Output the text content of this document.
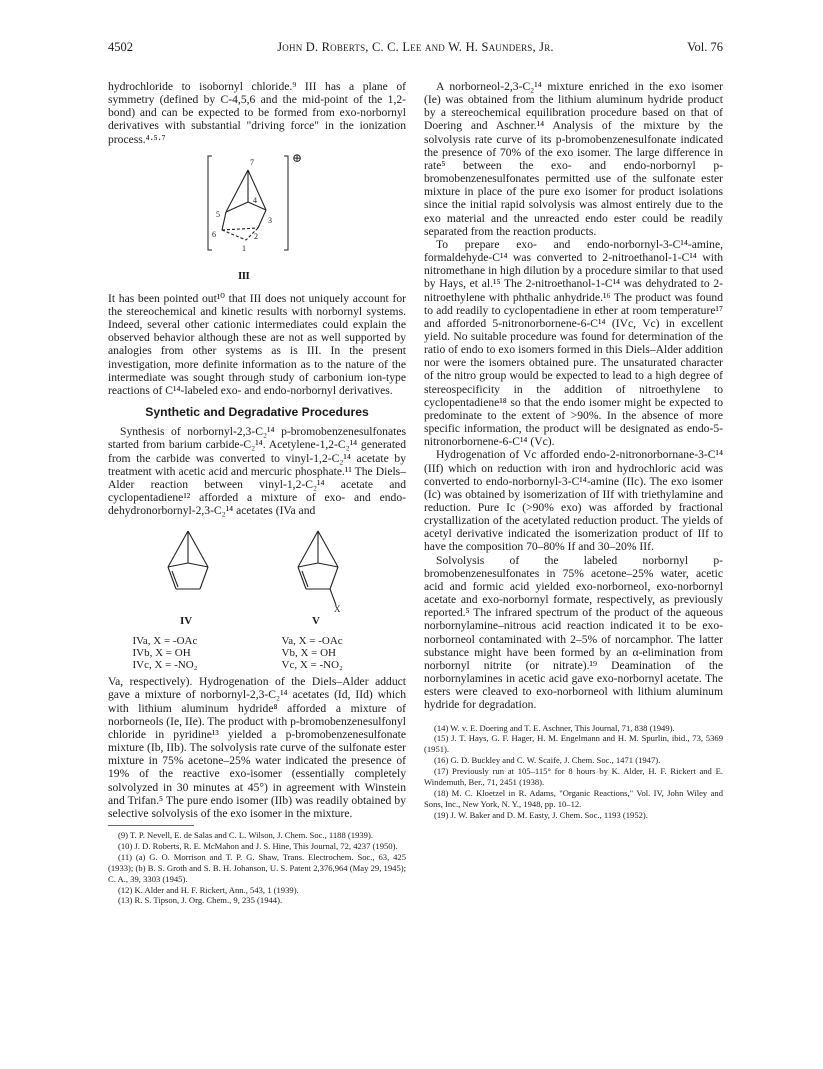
4502	John D. Roberts, C. C. Lee and W. H. Saunders, Jr.	Vol. 76

hydrochloride to isobornyl chloride.⁹ III has a plane of symmetry (defined by C-4,5,6 and the mid-point of the 1,2-bond) and can be expected to be formed from exo-norbornyl derivatives with substantial "driving force" in the ionization process.⁴·⁵·⁷

7
4
5
3
6	2
1
⊕
III

It has been pointed out¹⁰ that III does not uniquely account for the stereochemical and kinetic results with norbornyl systems. Indeed, several other cationic intermediates could explain the observed behavior although these are not as well supported by analogies from other systems as is III. In the present investigation, more definite information as to the nature of the intermediate was sought through study of carbonium ion-type reactions of C¹⁴-labeled exo- and endo-norbornyl derivatives.

Synthetic and Degradative Procedures

Synthesis of norbornyl-2,3-C₂¹⁴ p-bromobenzenesulfonates started from barium carbide-C₂¹⁴. Acetylene-1,2-C₂¹⁴ generated from the carbide was converted to vinyl-1,2-C₂¹⁴ acetate by treatment with acetic acid and mercuric phosphate.¹¹ The Diels–Alder reaction between vinyl-1,2-C₂¹⁴ acetate and cyclopentadiene¹² afforded a mixture of exo- and endo-dehydronorbornyl-2,3-C₂¹⁴ acetates (IVa and

X
IV	V
IVa, X = -OAc
IVb, X = OH
IVc, X = -NO₂
Va, X = -OAc
Vb, X = OH
Vc, X = -NO₂

Va, respectively). Hydrogenation of the Diels–Alder adduct gave a mixture of norbornyl-2,3-C₂¹⁴ acetates (Id, IId) which with lithium aluminum hydride⁸ afforded a mixture of norborneols (Ie, IIe). The product with p-bromobenzenesulfonyl chloride in pyridine¹³ yielded a p-bromobenzenesulfonate mixture (Ib, IIb). The solvolysis rate curve of the sulfonate ester mixture in 75% acetone–25% water indicated the presence of 19% of the reactive exo-isomer (essentially completely solvolyzed in 30 minutes at 45°) in agreement with Winstein and Trifan.⁵ The pure endo isomer (IIb) was readily obtained by selective solvolysis of the exo isomer in the mixture.

(9) T. P. Nevell, E. de Salas and C. L. Wilson, J. Chem. Soc., 1188 (1939).
(10) J. D. Roberts, R. E. McMahon and J. S. Hine, This Journal, 72, 4237 (1950).
(11) (a) G. O. Morrison and T. P. G. Shaw, Trans. Electrochem. Soc., 63, 425 (1933); (b) B. S. Groth and S. B. H. Johanson, U. S. Patent 2,376,964 (May 29, 1945); C. A., 39, 3303 (1945).
(12) K. Alder and H. F. Rickert, Ann., 543, 1 (1939).
(13) R. S. Tipson, J. Org. Chem., 9, 235 (1944).

A norborneol-2,3-C₂¹⁴ mixture enriched in the exo isomer (Ie) was obtained from the lithium aluminum hydride product by a stereochemical equilibration procedure based on that of Doering and Aschner.¹⁴ Analysis of the mixture by the solvolysis rate curve of its p-bromobenzenesulfonate indicated the presence of 70% of the exo isomer. The large difference in rate⁵ between the exo- and endo-norbornyl p-bromobenzenesulfonates permitted use of the sulfonate ester mixture in place of the pure exo isomer for product isolations since the initial rapid solvolysis was almost entirely due to the exo material and the unreacted endo ester could be readily separated from the reaction products.

To prepare exo- and endo-norbornyl-3-C¹⁴-amine, formaldehyde-C¹⁴ was converted to 2-nitroethanol-1-C¹⁴ with nitromethane in high dilution by a procedure similar to that used by Hays, et al.¹⁵ The 2-nitroethanol-1-C¹⁴ was dehydrated to 2-nitroethylene with phthalic anhydride.¹⁶ The product was found to add readily to cyclopentadiene in ether at room temperature¹⁷ and afforded 5-nitronorbornene-6-C¹⁴ (IVc, Vc) in excellent yield. No suitable procedure was found for determination of the ratio of endo to exo isomers formed in this Diels–Alder addition nor were the isomers obtained pure. The unsaturated character of the nitro group would be expected to lead to a high degree of stereospecificity in the addition of nitroethylene to cyclopentadiene¹⁸ so that the endo isomer might be expected to predominate to the extent of >90%. In the absence of more specific information, the product will be designated as endo-5-nitronorbornene-6-C¹⁴ (Vc).

Hydrogenation of Vc afforded endo-2-nitronorbornane-3-C¹⁴ (IIf) which on reduction with iron and hydrochloric acid was converted to endo-norbornyl-3-C¹⁴-amine (IIc). The exo isomer (Ic) was obtained by isomerization of IIf with triethylamine and reduction. Pure Ic (>90% exo) was afforded by fractional crystallization of the acetylated reduction product. The yields of acetyl derivative indicated the isomerization product of IIf to have the composition 70–80% If and 30–20% IIf.

Solvolysis of the labeled norbornyl p-bromobenzenesulfonates in 75% acetone–25% water, acetic acid and formic acid yielded exo-norborneol, exo-norbornyl acetate and exo-norbornyl formate, respectively, as previously reported.⁵ The infrared spectrum of the product of the aqueous norbornylamine–nitrous acid reaction indicated it to be exo-norborneol contaminated with 2–5% of norcamphor. The latter substance might have been formed by an α-elimination from norbornyl nitrite (or nitrate).¹⁹ Deamination of the norbornylamines in acetic acid gave exo-norbornyl acetate. The esters were cleaved to exo-norborneol with lithium aluminum hydride for degradation.

(14) W. v. E. Doering and T. E. Aschner, This Journal, 71, 838 (1949).
(15) J. T. Hays, G. F. Hager, H. M. Engelmann and H. M. Spurlin, ibid., 73, 5369 (1951).
(16) G. D. Buckley and C. W. Scaife, J. Chem. Soc., 1471 (1947).
(17) Previously run at 105–115° for 8 hours by K. Alder, H. F. Rickert and E. Windemuth, Ber., 71, 2451 (1938).
(18) M. C. Kloetzel in R. Adams, "Organic Reactions," Vol. IV, John Wiley and Sons, Inc., New York, N. Y., 1948, pp. 10–12.
(19) J. W. Baker and D. M. Easty, J. Chem. Soc., 1193 (1952).
